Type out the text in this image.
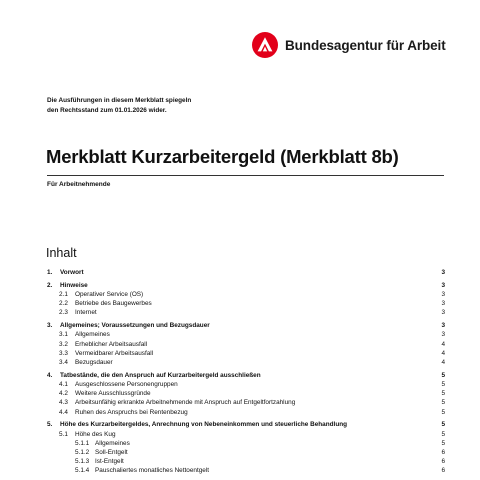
Bundesagentur für Arbeit
Die Ausführungen in diesem Merkblatt spiegeln
den Rechtsstand zum 01.01.2026 wider.
Merkblatt Kurzarbeitergeld (Merkblatt 8b)
Für Arbeitnehmende
Inhalt
1.	Vorwort	3
2.	Hinweise	3
2.1	Operativer Service (OS)	3
2.2	Betriebe des Baugewerbes	3
2.3	Internet	3
3.	Allgemeines; Voraussetzungen und Bezugsdauer	3
3.1	Allgemeines	3
3.2	Erheblicher Arbeitsausfall	4
3.3	Vermeidbarer Arbeitsausfall	4
3.4	Bezugsdauer	4
4.	Tatbestände, die den Anspruch auf Kurzarbeitergeld ausschließen	5
4.1	Ausgeschlossene Personengruppen	5
4.2	Weitere Ausschlussgründe	5
4.3	Arbeitsunfähig erkrankte Arbeitnehmende mit Anspruch auf Entgeltfortzahlung	5
4.4	Ruhen des Anspruchs bei Rentenbezug	5
5.	Höhe des Kurzarbeitergeldes, Anrechnung von Nebeneinkommen und steuerliche Behandlung	5
5.1	Höhe des Kug	5
5.1.1 Allgemeines	5
5.1.2 Soll-Entgelt	6
5.1.3 Ist-Entgelt	6
5.1.4 Pauschaliertes monatliches Nettoentgelt	6
